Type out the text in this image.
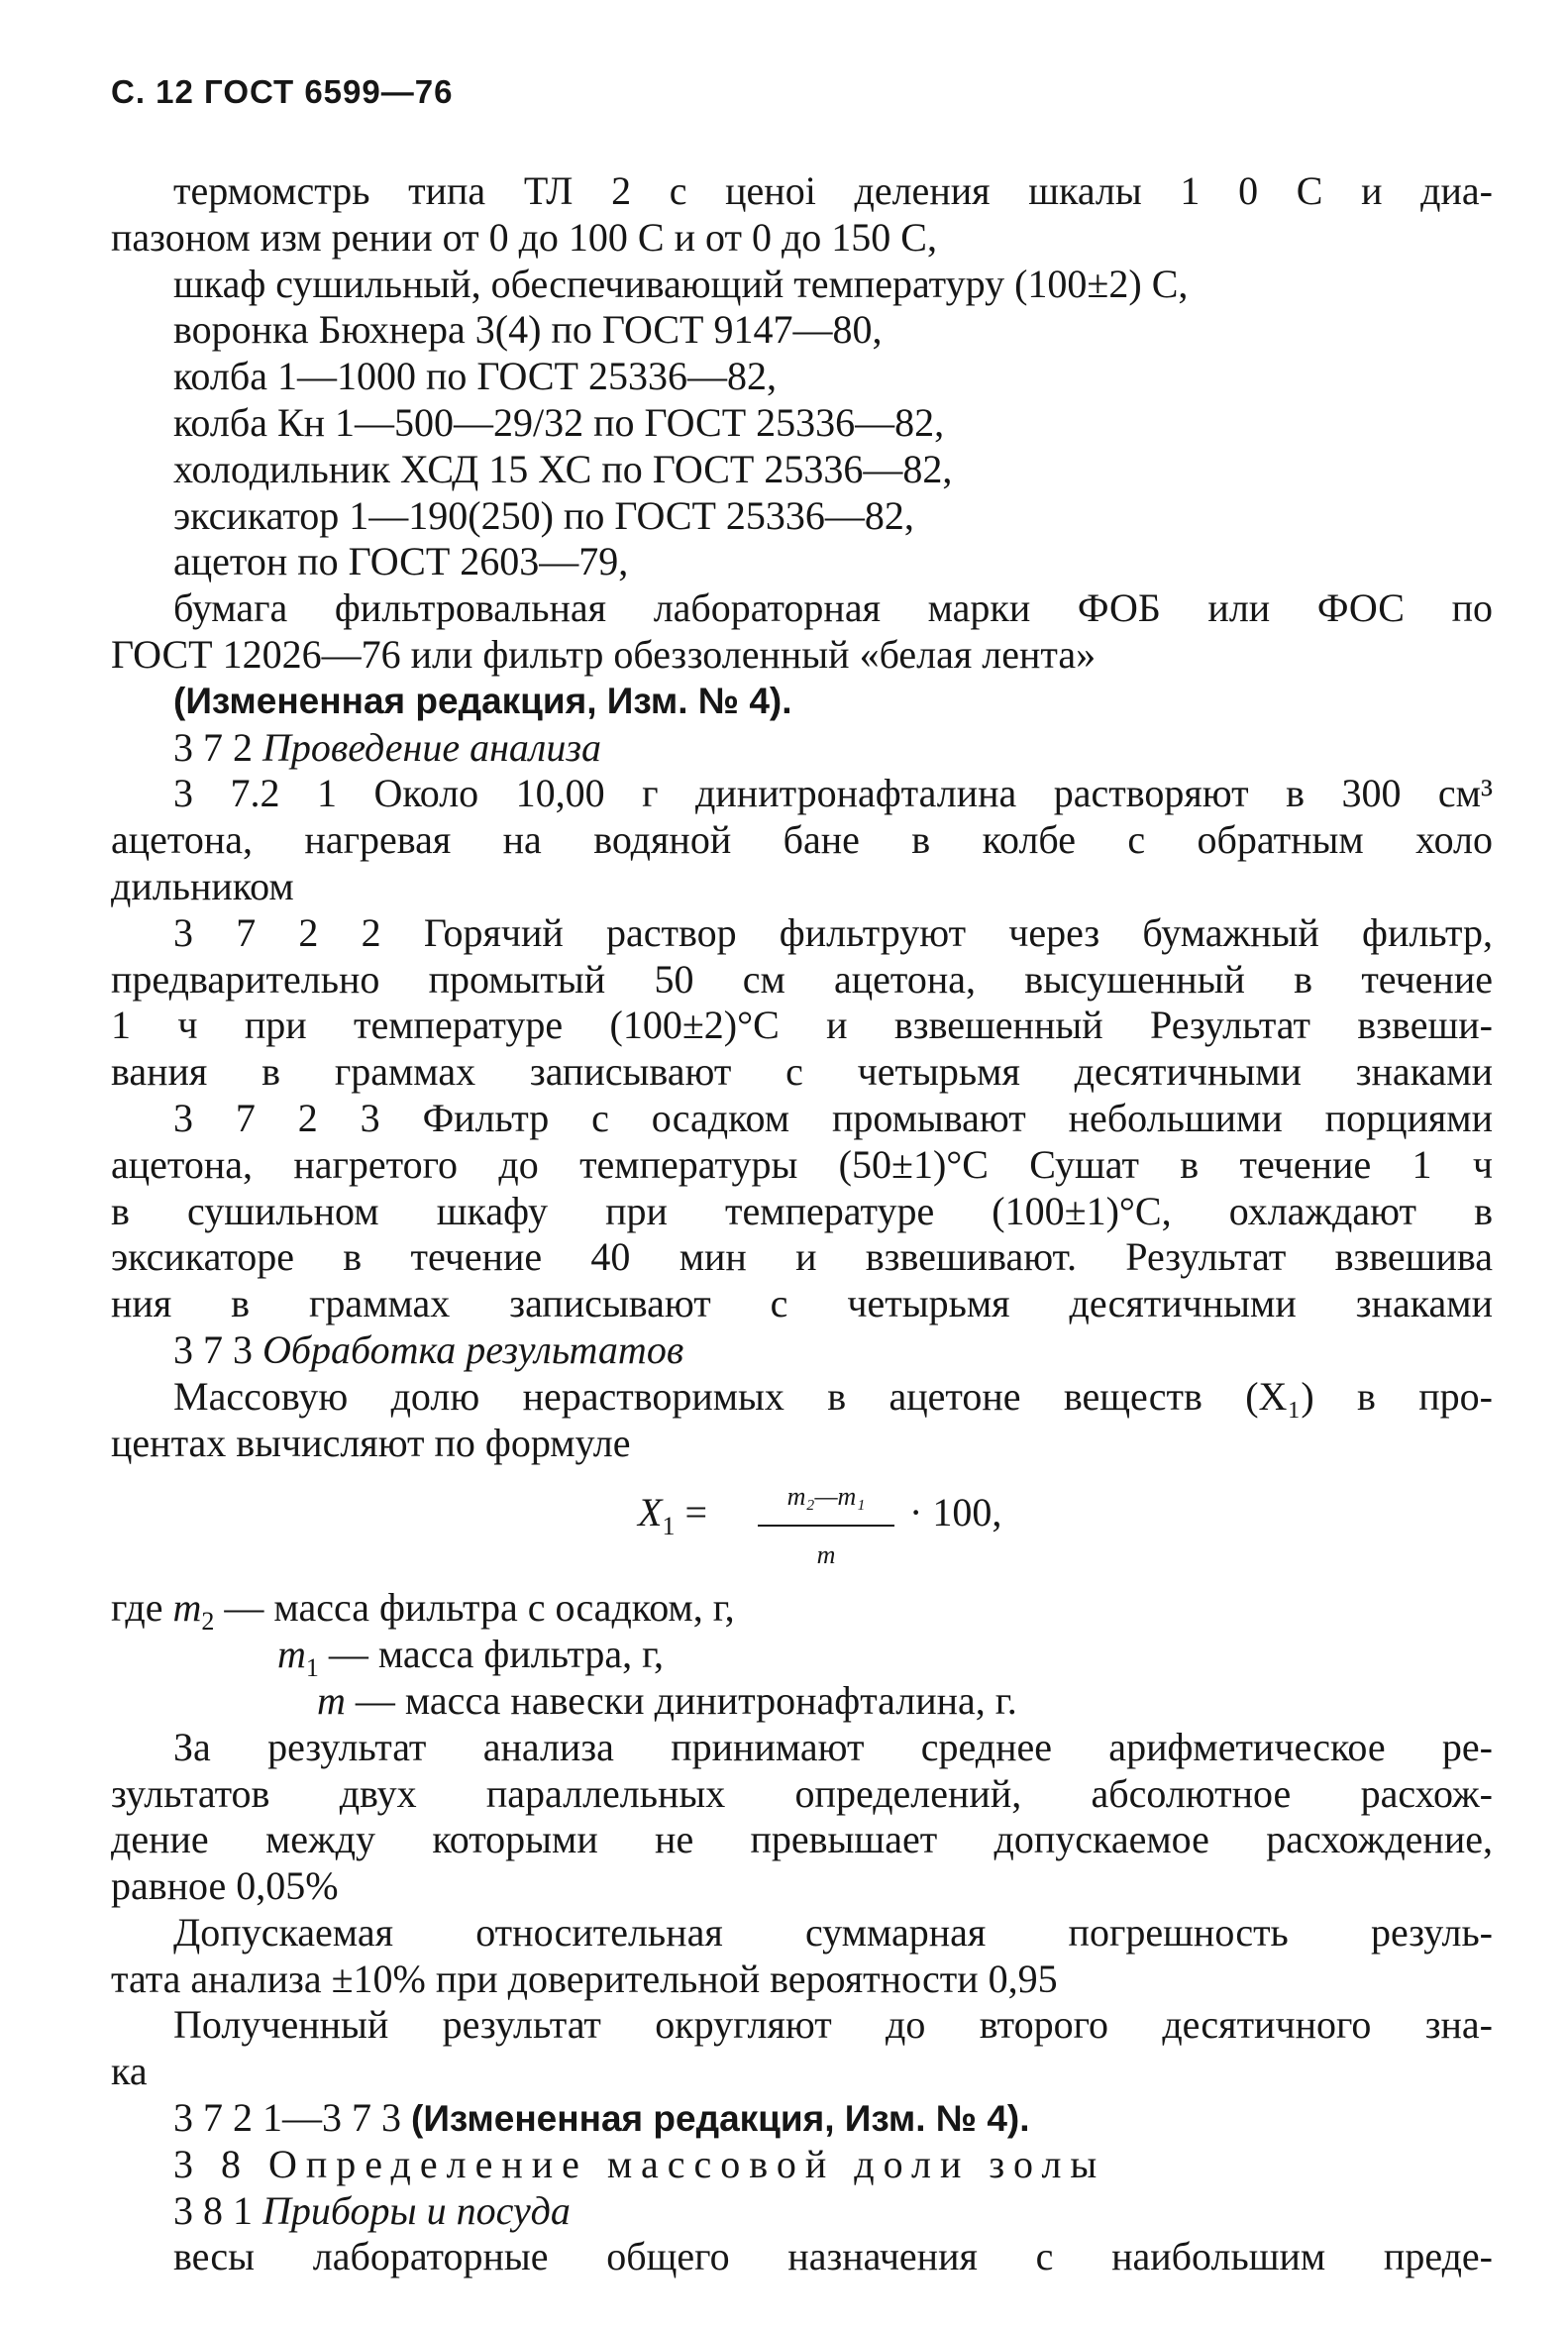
С. 12 ГОСТ 6599—76
термомстрь типа ТЛ 2 с ценоі деления шкалы 1 0 С и диа-
пазоном изм рении от 0 до 100 С и от 0 до 150 С,
шкаф сушильный, обеспечивающий температуру (100±2) С,
воронка Бюхнера 3(4) по ГОСТ 9147—80,
колба 1—1000 по ГОСТ 25336—82,
колба Кн 1—500—29/32 по ГОСТ 25336—82,
холодильник ХСД 15 ХС по ГОСТ 25336—82,
эксикатор 1—190(250) по ГОСТ 25336—82,
ацетон по ГОСТ 2603—79,
бумага фильтровальная лабораторная марки ФОБ или ФОС по
ГОСТ 12026—76 или фильтр обеззоленный «белая лента»
(Измененная редакция, Изм. № 4).
3 7 2 Проведение анализа
3 7.2 1 Около 10,00 г динитронафталина растворяют в 300 см³
ацетона, нагревая на водяной бане в колбе с обратным холо
дильником
3 7 2 2 Горячий раствор фильтруют через бумажный фильтр,
предварительно промытый 50 см ацетона, высушенный в течение
1 ч при температуре (100±2)°С и взвешенный Результат взвеши-
вания в граммах записывают с четырьмя десятичными знаками
3 7 2 3 Фильтр с осадком промывают небольшими порциями
ацетона, нагретого до температуры (50±1)°С Сушат в течение 1 ч
в сушильном шкафу при температуре (100±1)°С, охлаждают в
эксикаторе в течение 40 мин и взвешивают. Результат взвешива
ния в граммах записывают с четырьмя десятичными знаками
3 7 3 Обработка результатов
Массовую долю нерастворимых в ацетоне веществ (X₁) в про-
центах вычисляют по формуле
$X_1 = \frac{\text{m₂—m₁}}{m} \cdot 100$,
где $m_2$ — масса фильтра с осадком, г,
$m_1$ — масса фильтра, г,
m — масса навески динитронафталина, г.
За результат анализа принимают среднее арифметическое ре-
зультатов двух параллельных определений, абсолютное расхож-
дение между которыми не превышает допускаемое расхождение,
равное 0,05%
Допускаемая относительная суммарная погрешность резуль-
тата анализа ±10% при доверительной вероятности 0,95
Полученный результат округляют до второго десятичного зна-
ка
3 7 2 1—3 7 3 (Измененная редакция, Изм. № 4).
3 8 Определение массовой доли золы
3 8 1 Приборы и посуда
весы лабораторные общего назначения с наибольшим преде-
